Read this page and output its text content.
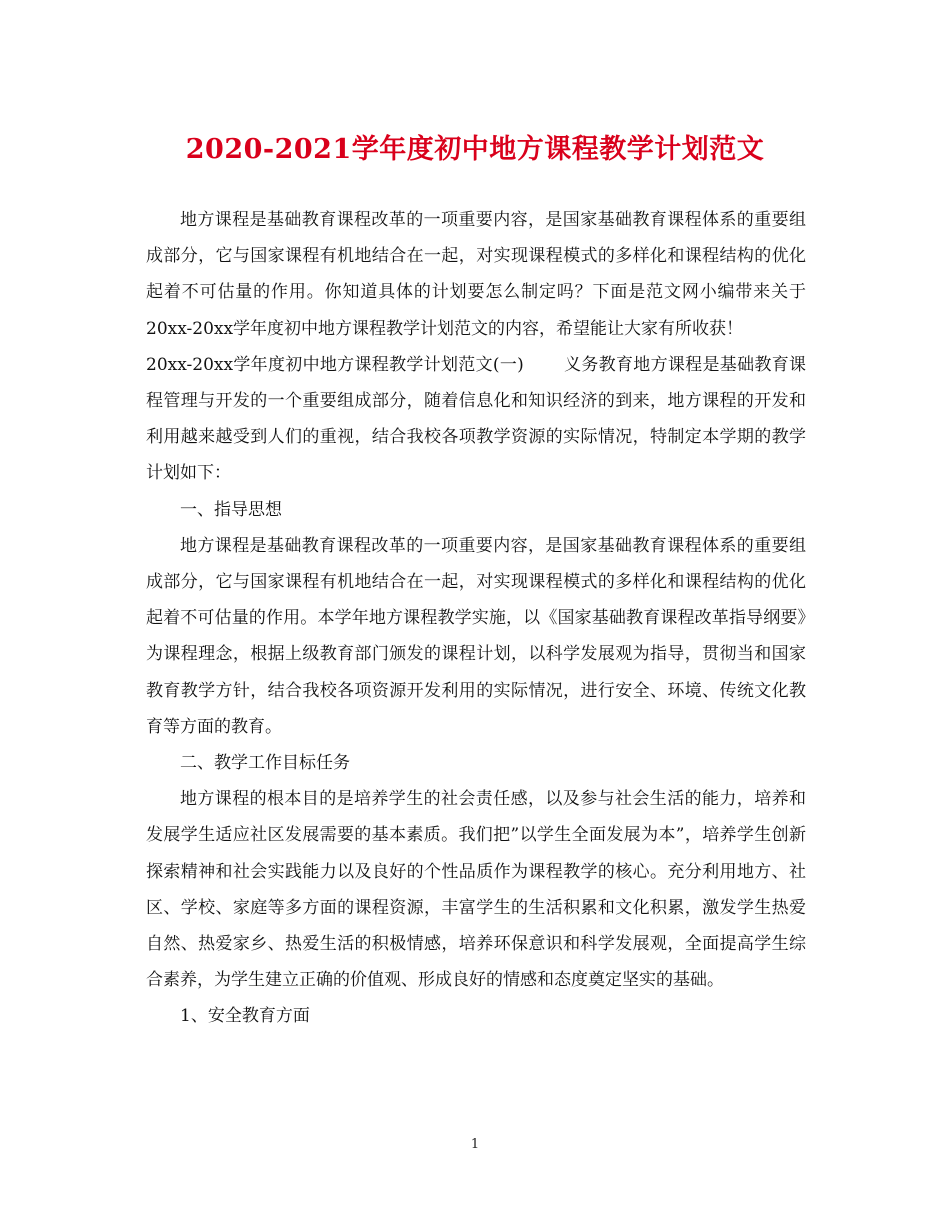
2020-2021学年度初中地方课程教学计划范文

地方课程是基础教育课程改革的一项重要内容，是国家基础教育课程体系的重要组成部分，它与国家课程有机地结合在一起，对实现课程模式的多样化和课程结构的优化起着不可估量的作用。你知道具体的计划要怎么制定吗？下面是范文网小编带来关于20xx-20xx学年度初中地方课程教学计划范文的内容，希望能让大家有所收获！

20xx-20xx学年度初中地方课程教学计划范文(一) 义务教育地方课程是基础教育课程管理与开发的一个重要组成部分，随着信息化和知识经济的到来，地方课程的开发和利用越来越受到人们的重视，结合我校各项教学资源的实际情况，特制定本学期的教学计划如下：

一、指导思想

地方课程是基础教育课程改革的一项重要内容，是国家基础教育课程体系的重要组成部分，它与国家课程有机地结合在一起，对实现课程模式的多样化和课程结构的优化起着不可估量的作用。本学年地方课程教学实施，以《国家基础教育课程改革指导纲要》为课程理念，根据上级教育部门颁发的课程计划，以科学发展观为指导，贯彻当和国家教育教学方针，结合我校各项资源开发利用的实际情况，进行安全、环境、传统文化教育等方面的教育。

二、教学工作目标任务

地方课程的根本目的是培养学生的社会责任感，以及参与社会生活的能力，培养和发展学生适应社区发展需要的基本素质。我们把”以学生全面发展为本”，培养学生创新探索精神和社会实践能力以及良好的个性品质作为课程教学的核心。充分利用地方、社区、学校、家庭等多方面的课程资源，丰富学生的生活积累和文化积累，激发学生热爱自然、热爱家乡、热爱生活的积极情感，培养环保意识和科学发展观，全面提高学生综合素养，为学生建立正确的价值观、形成良好的情感和态度奠定坚实的基础。

1、安全教育方面

1
